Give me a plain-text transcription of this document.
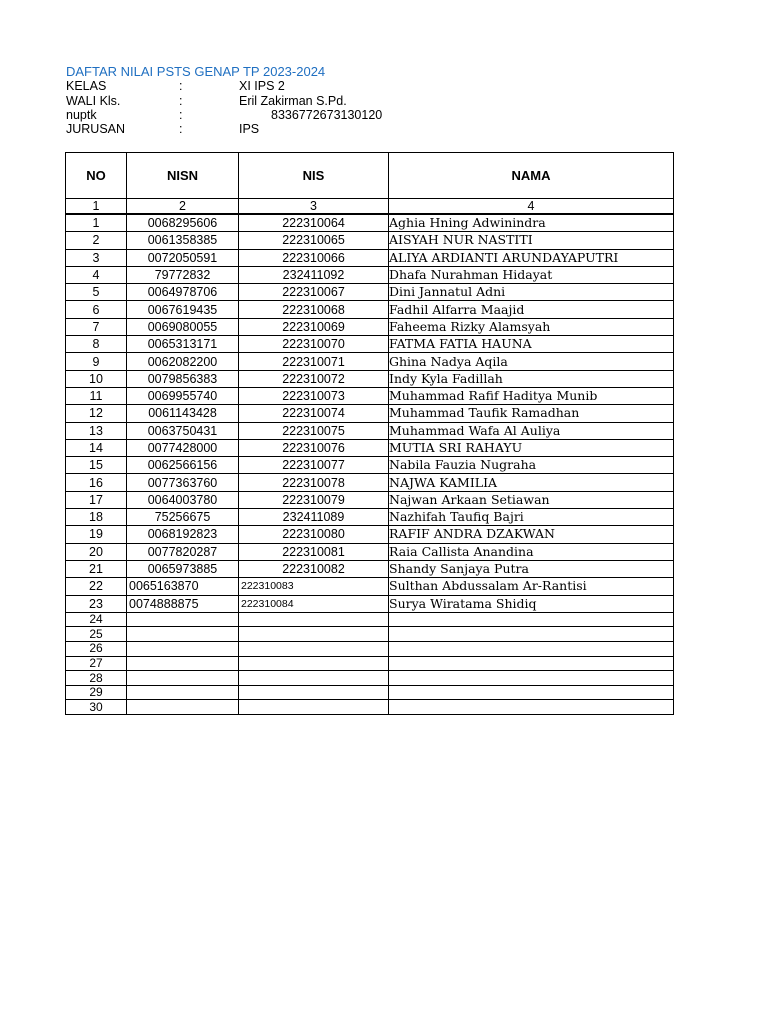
DAFTAR NILAI PSTS GENAP TP 2023-2024
KELAS	:	XI IPS 2
WALI Kls.	:	Eril Zakirman S.Pd.
nuptk	:	8336772673130120
JURUSAN	:	IPS
NO	NISN	NIS	NAMA
1	2	3	4
1	0068295606	222310064	Aghia Hning Adwinindra
2	0061358385	222310065	AISYAH NUR NASTITI
3	0072050591	222310066	ALIYA ARDIANTI ARUNDAYAPUTRI
4	79772832	232411092	Dhafa Nurahman Hidayat
5	0064978706	222310067	Dini Jannatul Adni
6	0067619435	222310068	Fadhil Alfarra Maajid
7	0069080055	222310069	Faheema Rizky Alamsyah
8	0065313171	222310070	FATMA FATIA HAUNA
9	0062082200	222310071	Ghina Nadya Aqila
10	0079856383	222310072	Indy Kyla Fadillah
11	0069955740	222310073	Muhammad Rafif Haditya Munib
12	0061143428	222310074	Muhammad Taufik Ramadhan
13	0063750431	222310075	Muhammad Wafa Al Auliya
14	0077428000	222310076	MUTIA SRI RAHAYU
15	0062566156	222310077	Nabila Fauzia Nugraha
16	0077363760	222310078	NAJWA KAMILIA
17	0064003780	222310079	Najwan Arkaan Setiawan
18	75256675	232411089	Nazhifah Taufiq Bajri
19	0068192823	222310080	RAFIF ANDRA DZAKWAN
20	0077820287	222310081	Raia Callista Anandina
21	0065973885	222310082	Shandy Sanjaya Putra
22	0065163870	222310083	Sulthan Abdussalam Ar-Rantisi
23	0074888875	222310084	Surya Wiratama Shidiq
24			
25			
26			
27			
28			
29			
30			
